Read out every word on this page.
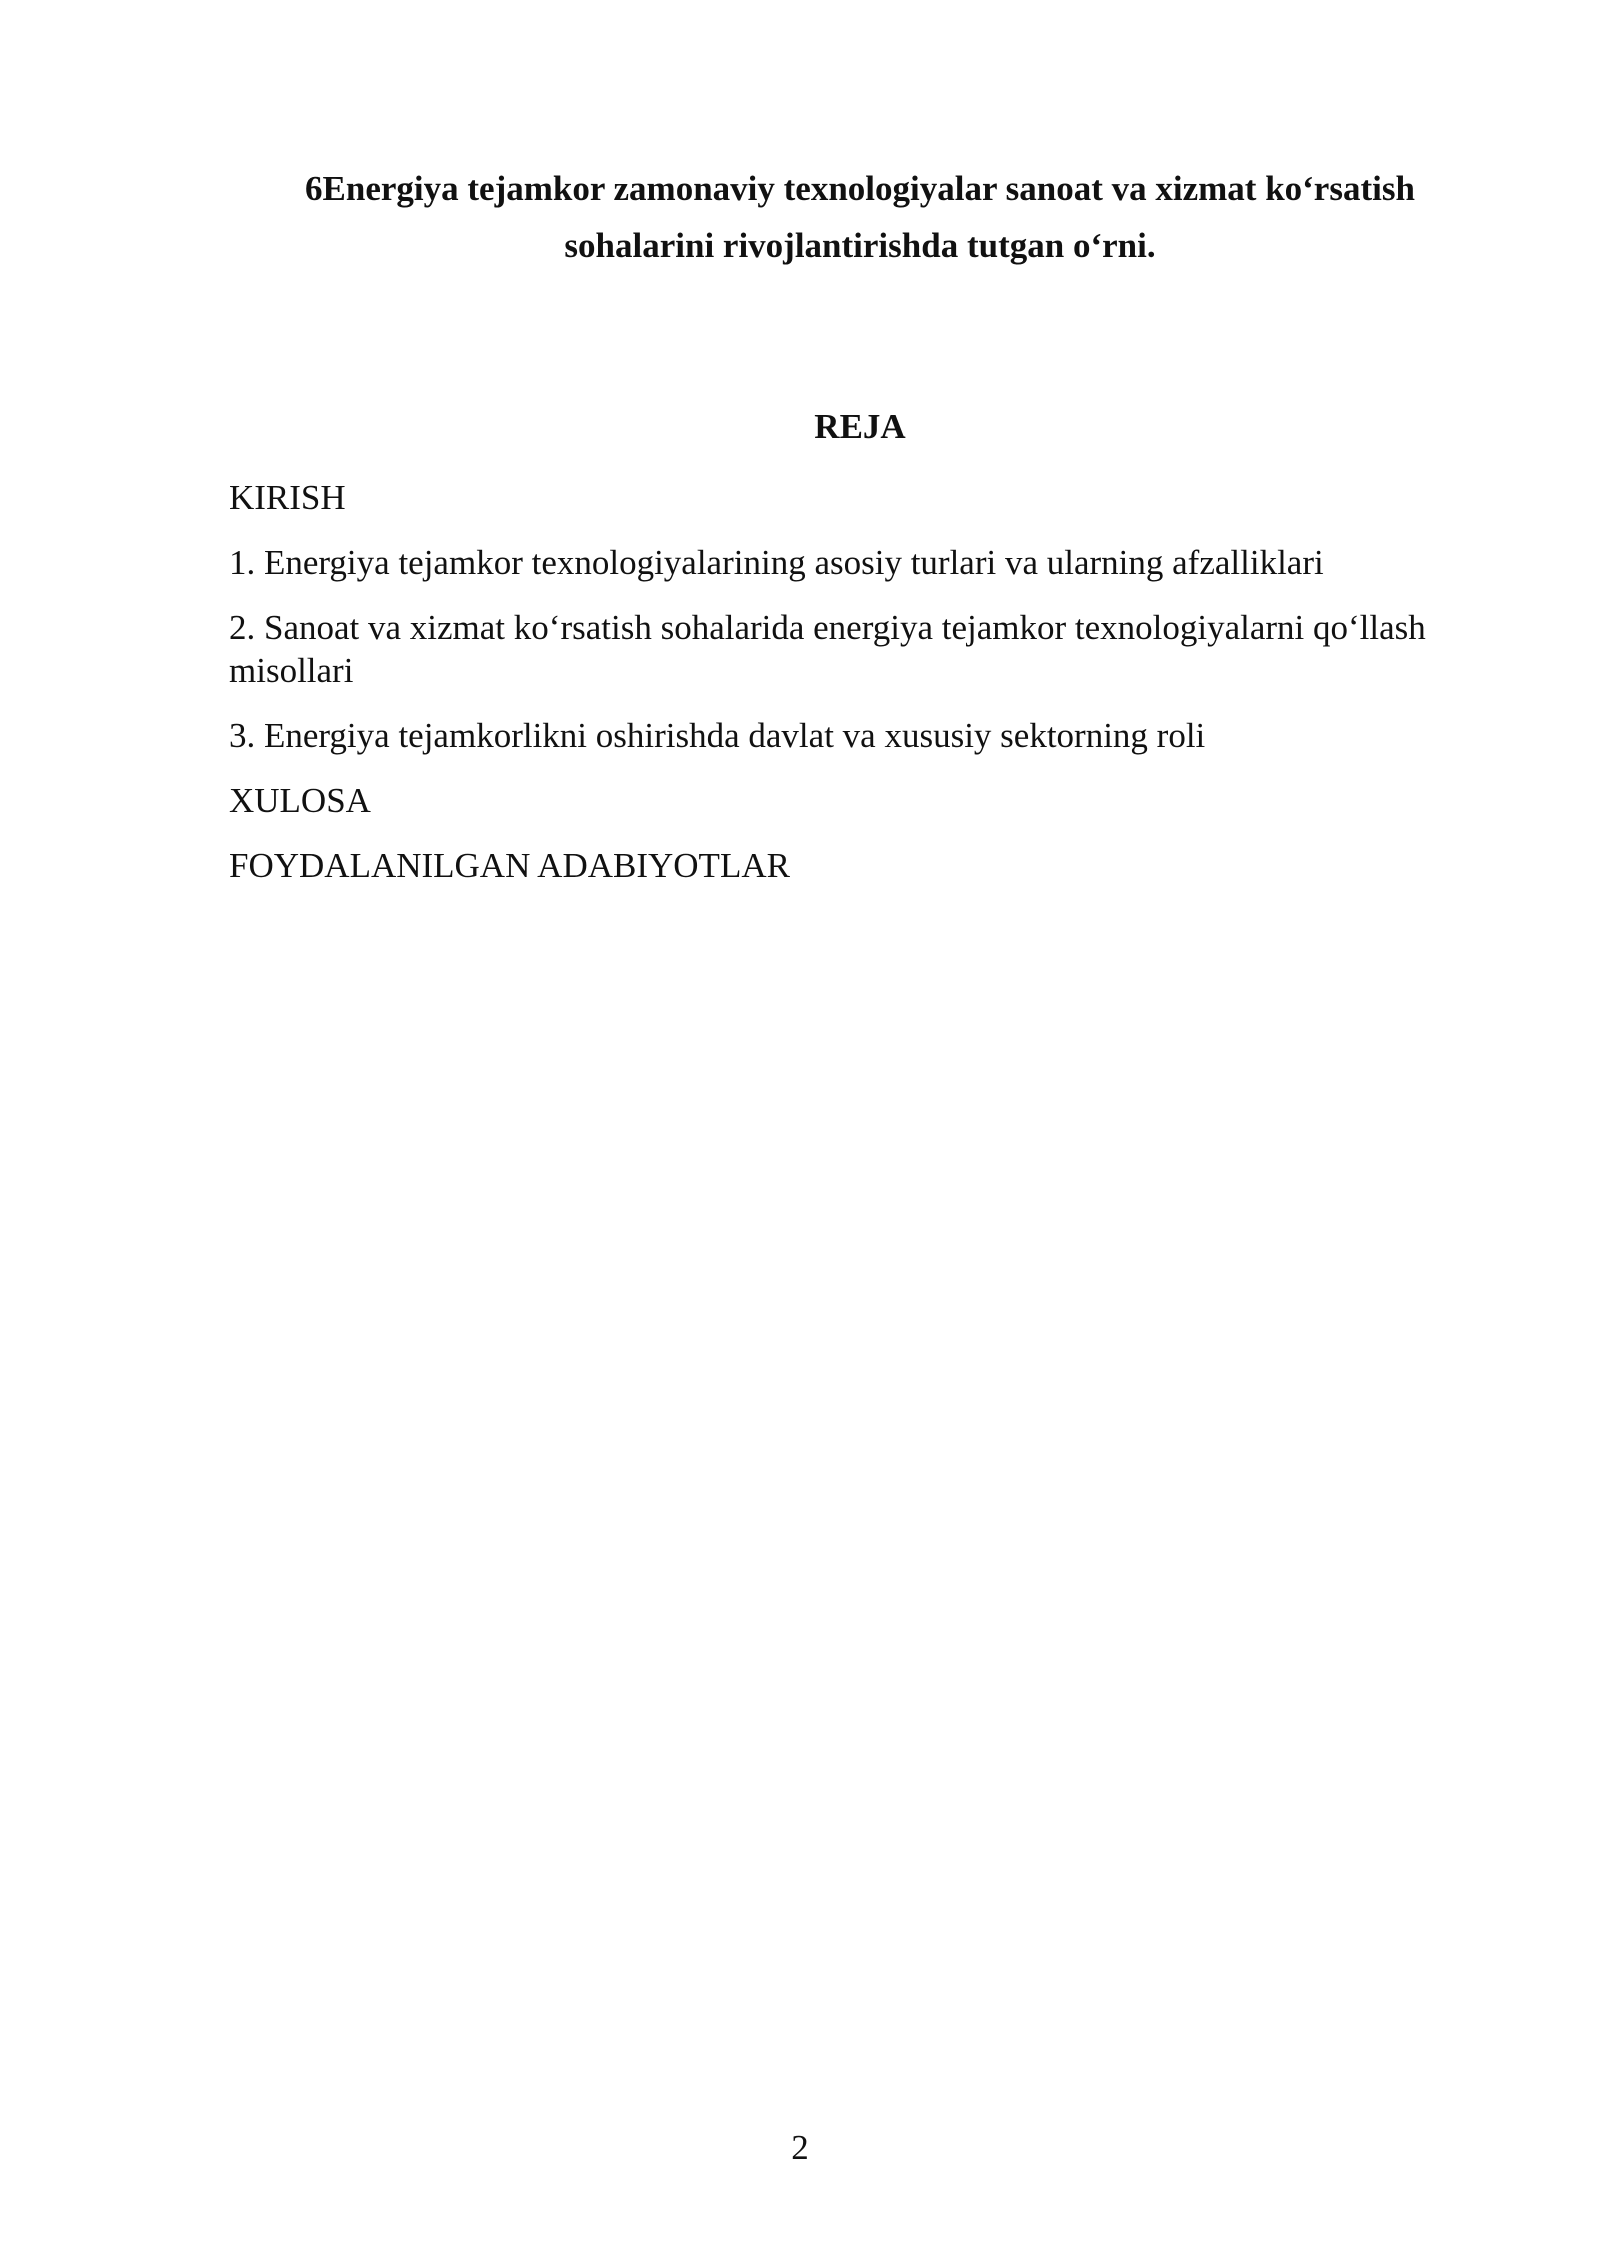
6Energiya tejamkor zamonaviy texnologiyalar sanoat va xizmat ko‘rsatish sohalarini rivojlantirishda tutgan o‘rni.
REJA
KIRISH
1. Energiya tejamkor texnologiyalarining asosiy turlari va ularning afzalliklari
2. Sanoat va xizmat ko‘rsatish sohalarida energiya tejamkor texnologiyalarni qo‘llash misollari
3. Energiya tejamkorlikni oshirishda davlat va xususiy sektorning roli
XULOSA
FOYDALANILGAN ADABIYOTLAR
2
